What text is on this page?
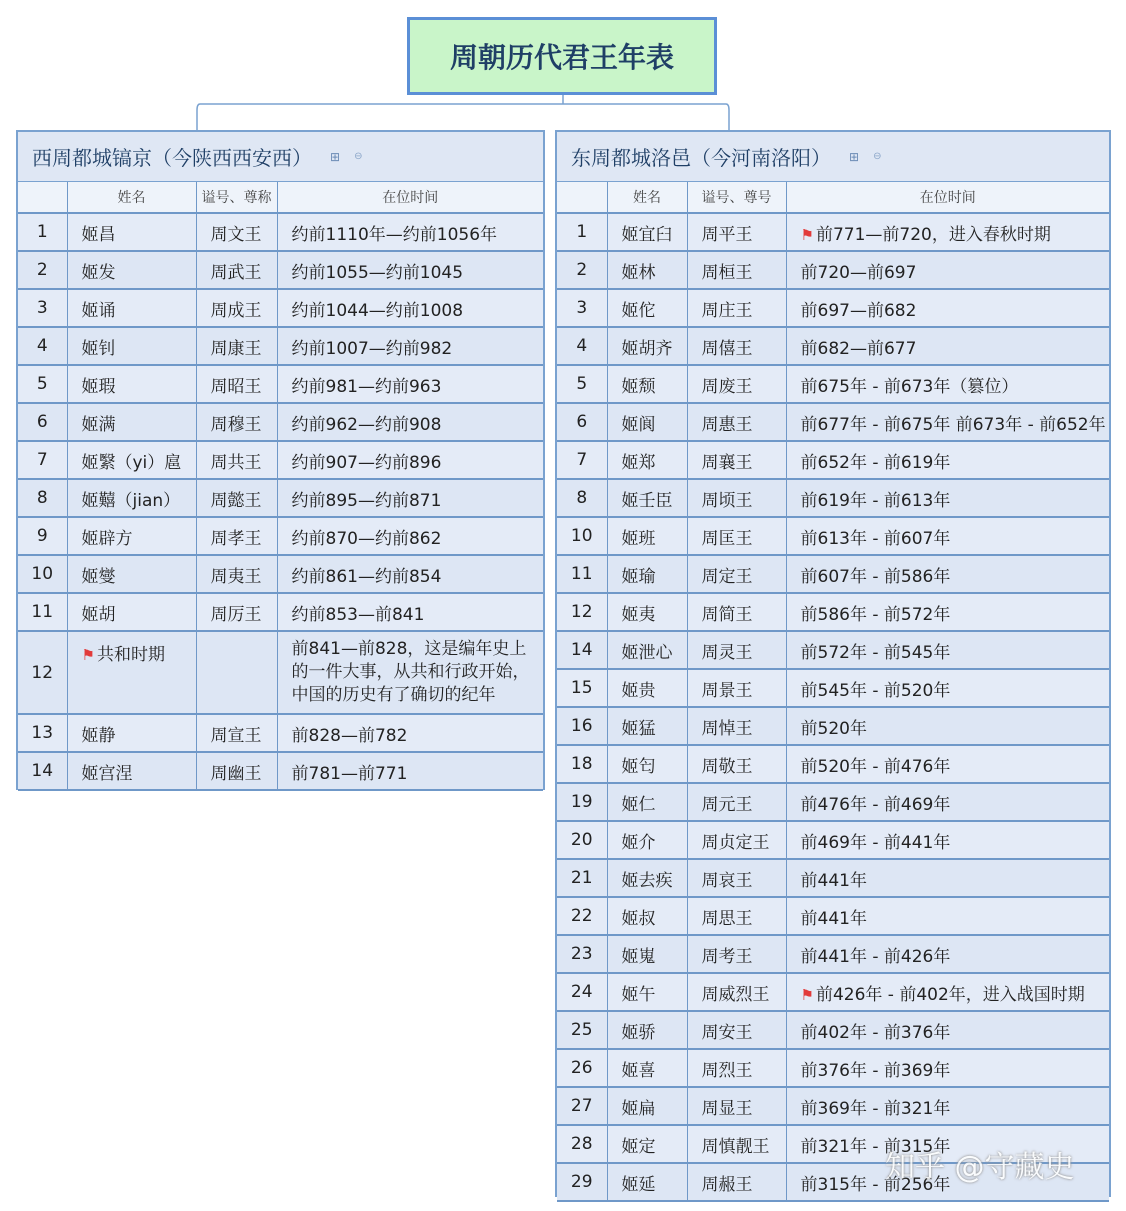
周朝历代君王年表
西周都城镐京（今陕西西安西） ⊞ ⊖
	姓名	谥号、尊称	在位时间
1	姬昌	周文王	约前1110年—约前1056年
2	姬发	周武王	约前1055—约前1045
3	姬诵	周成王	约前1044—约前1008
4	姬钊	周康王	约前1007—约前982
5	姬瑕	周昭王	约前981—约前963
6	姬满	周穆王	约前962—约前908
7	姬繄（yi）扈	周共王	约前907—约前896
8	姬囏（jian）	周懿王	约前895—约前871
9	姬辟方	周孝王	约前870—约前862
10	姬燮	周夷王	约前861—约前854
11	姬胡	周厉王	约前853—前841
12	⚑ 共和时期		前841—前828，这是编年史上的一件大事，从共和行政开始，中国的历史有了确切的纪年
13	姬静	周宣王	前828—前782
14	姬宫涅	周幽王	前781—前771
东周都城洛邑（今河南洛阳） ⊞ ⊖
	姓名	谥号、尊号	在位时间
1	姬宜臼	周平王	⚑ 前771—前720，进入春秋时期
2	姬林	周桓王	前720—前697
3	姬佗	周庄王	前697—前682
4	姬胡齐	周僖王	前682—前677
5	姬颓	周废王	前675年 - 前673年（篡位）
6	姬阆	周惠王	前677年 - 前675年 前673年 - 前652年
7	姬郑	周襄王	前652年 - 前619年
8	姬壬臣	周顷王	前619年 - 前613年
10	姬班	周匡王	前613年 - 前607年
11	姬瑜	周定王	前607年 - 前586年
12	姬夷	周简王	前586年 - 前572年
14	姬泄心	周灵王	前572年 - 前545年
15	姬贵	周景王	前545年 - 前520年
16	姬猛	周悼王	前520年
18	姬匄	周敬王	前520年 - 前476年
19	姬仁	周元王	前476年 - 前469年
20	姬介	周贞定王	前469年 - 前441年
21	姬去疾	周哀王	前441年
22	姬叔	周思王	前441年
23	姬嵬	周考王	前441年 - 前426年
24	姬午	周威烈王	⚑ 前426年 - 前402年，进入战国时期
25	姬骄	周安王	前402年 - 前376年
26	姬喜	周烈王	前376年 - 前369年
27	姬扁	周显王	前369年 - 前321年
28	姬定	周慎靓王	前321年 - 前315年
29	姬延	周赧王	前315年 - 前256年
知乎 @守藏史
